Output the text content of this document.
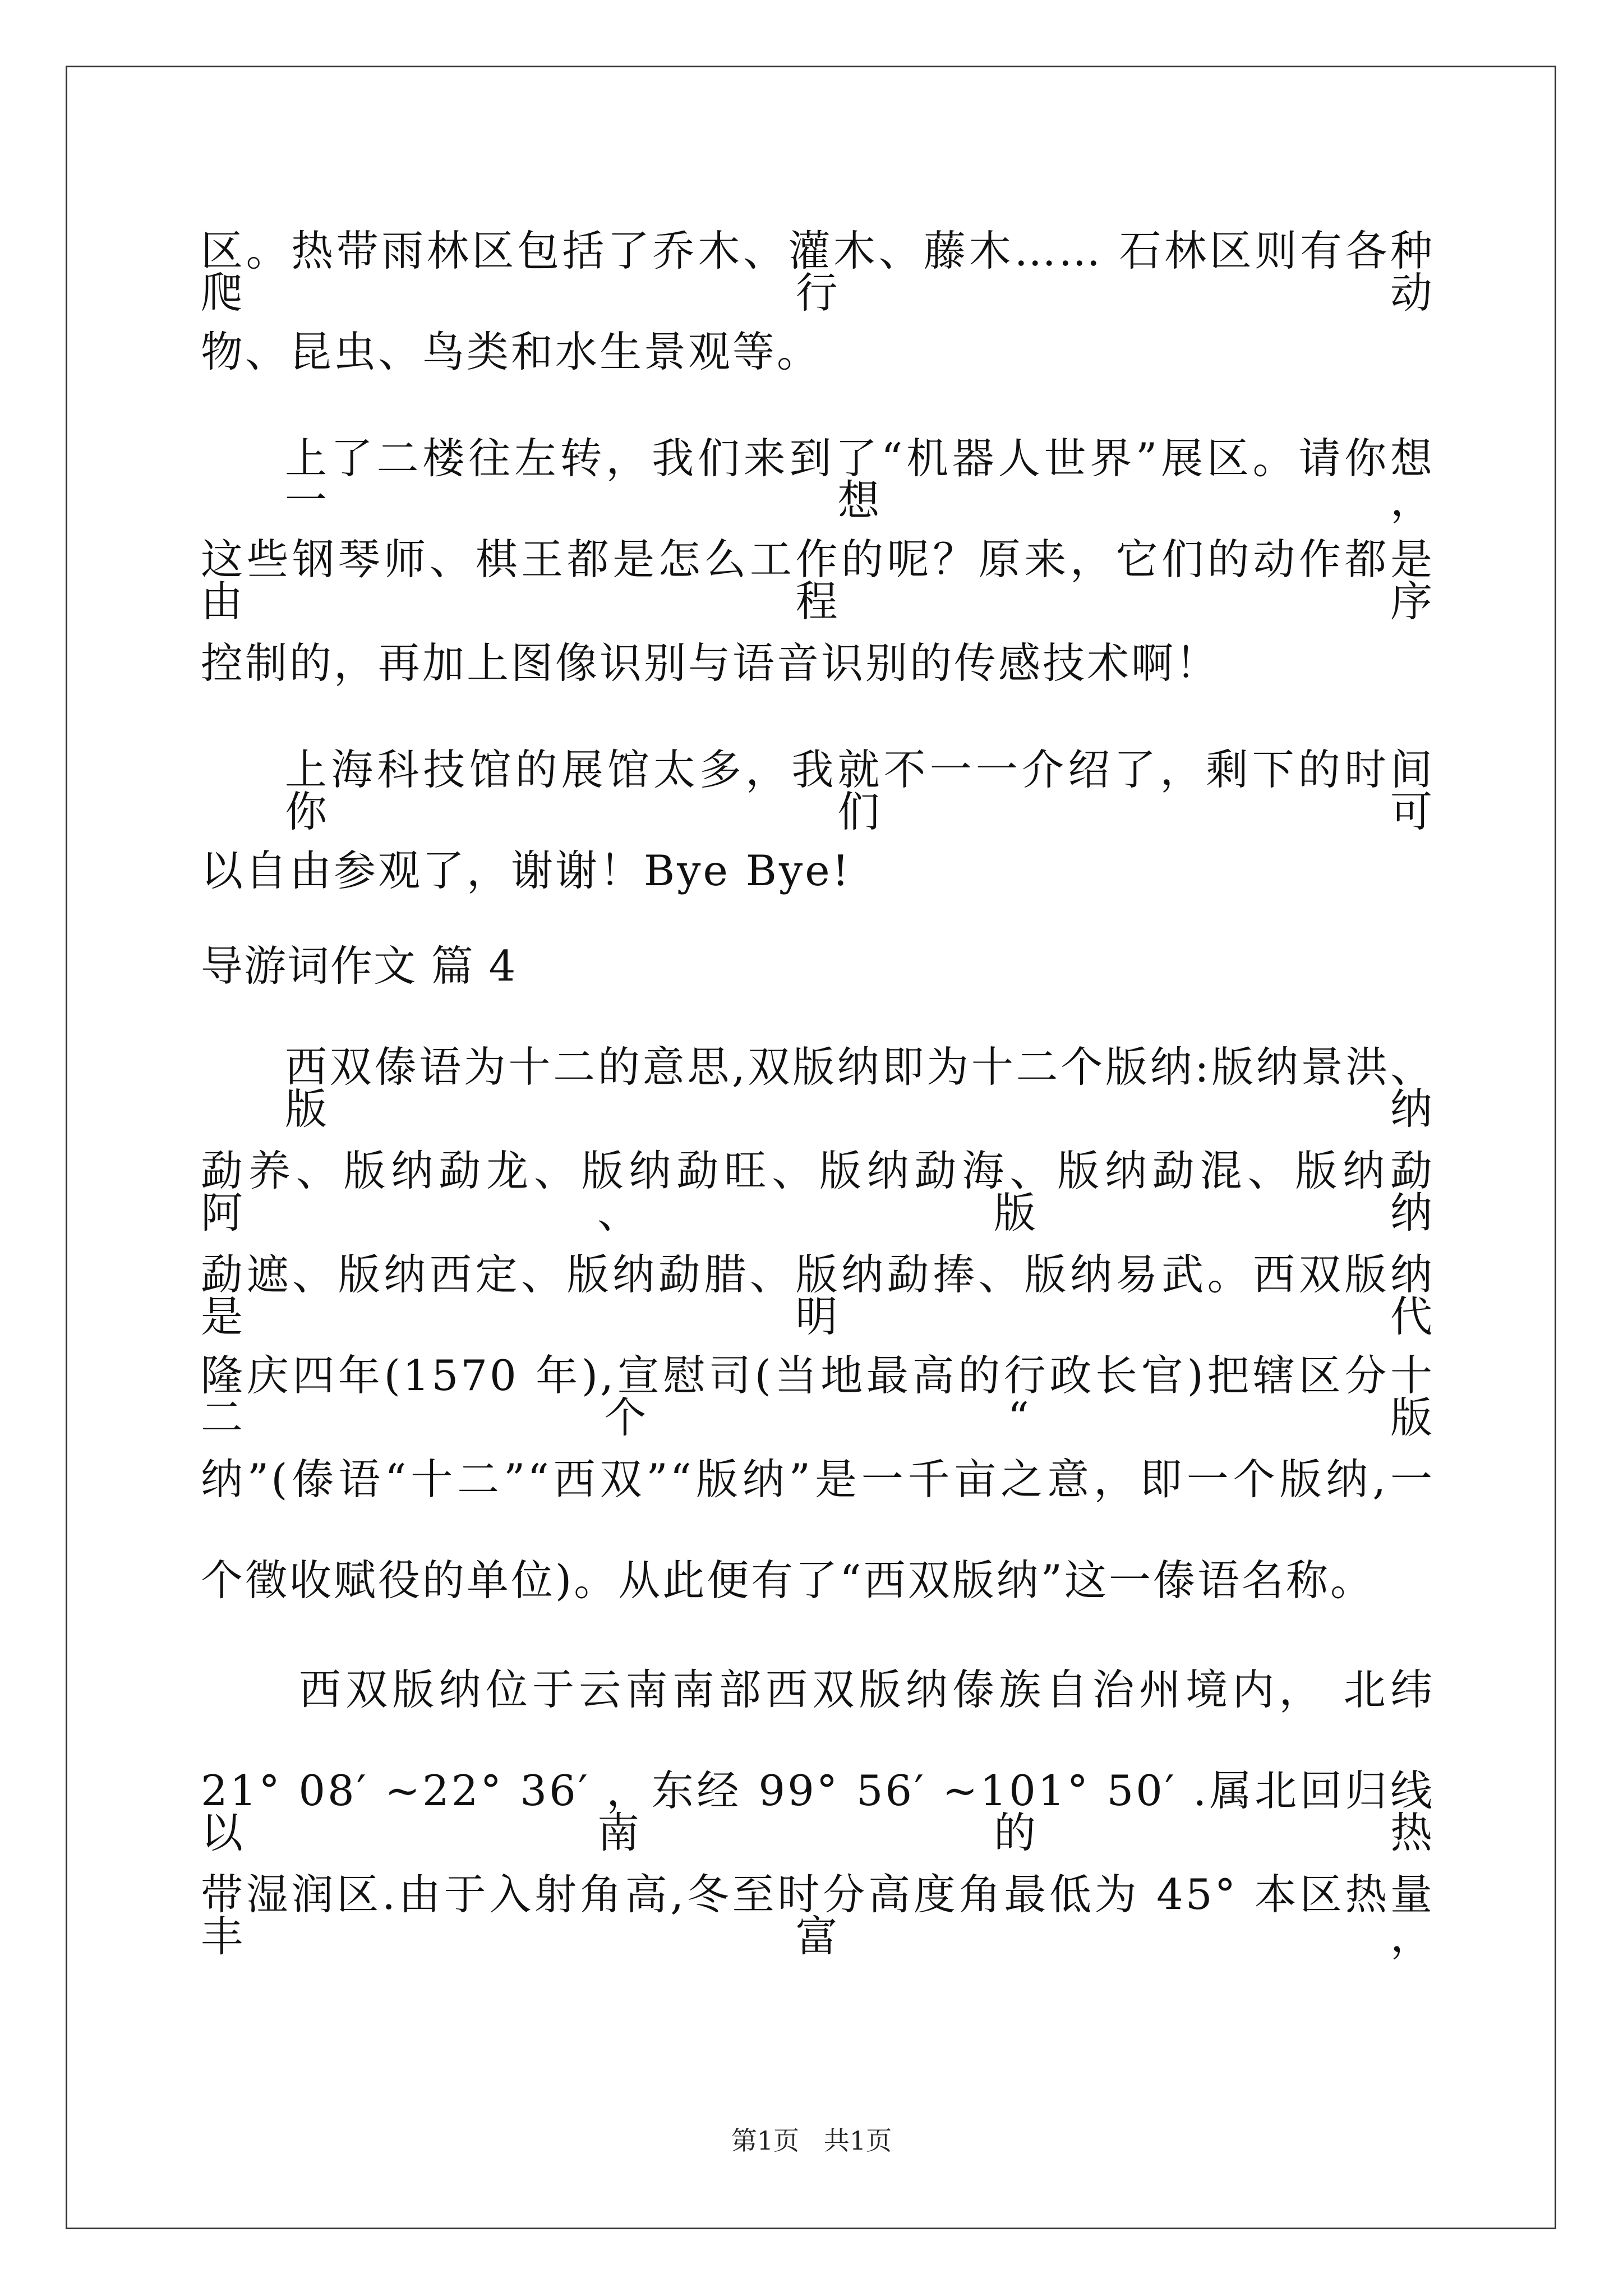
区。热带雨林区包括了乔木、灌木、藤木…… 石林区则有各种爬行动
物、昆虫、鸟类和水生景观等。
上了二楼往左转，我们来到了“机器人世界”展区。请你想一想，
这些钢琴师、棋王都是怎么工作的呢？原来，它们的动作都是由程序
控制的，再加上图像识别与语音识别的传感技术啊！
上海科技馆的展馆太多，我就不一一介绍了，剩下的时间你们可
以自由参观了，谢谢！Bye Bye!
导游词作文 篇 4
西双傣语为十二的意思,双版纳即为十二个版纳:版纳景洪、版纳
勐养、版纳勐龙、版纳勐旺、版纳勐海、版纳勐混、版纳勐阿、版纳
勐遮、版纳西定、版纳勐腊、版纳勐捧、版纳易武。西双版纳是明代
隆庆四年(1570 年),宣慰司(当地最高的行政长官)把辖区分十二个“版
纳”(傣语“十二”“西双”“版纳”是一千亩之意，即一个版纳,一
个徵收赋役的单位)。从此便有了“西双版纳”这一傣语名称。
西双版纳位于云南南部西双版纳傣族自治州境内， 北纬
21° 08′ ~22° 36′ ，东经 99° 56′ ~101° 50′ .属北回归线以南的热
带湿润区.由于入射角高,冬至时分高度角最低为 45° 本区热量丰富，
第1页   共1页
